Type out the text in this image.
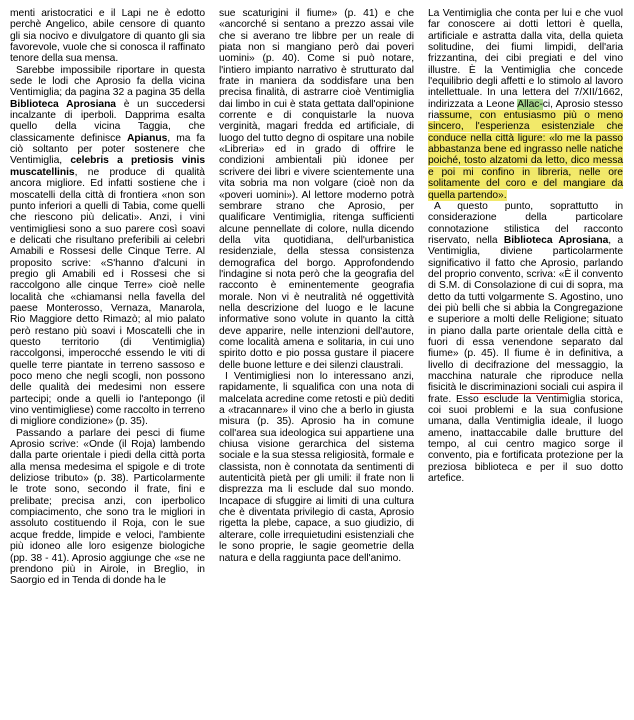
menti aristocratici e il Lapi ne è edotto perchè Angelico, abile censore di quanto gli sia nocivo e divulgatore di quanto gli sia favorevole, vuole che si conosca il raffinato tenore della sua mensa.

Sarebbe impossibile riportare in questa sede le lodi che Aprosio fa della vicina Ventimiglia; da pagina 32 a pagina 35 della Biblioteca Aprosiana è un succedersi incalzante di iperboli. Dapprima esalta quello della vicina Taggia, che classicamente definisce Apianus, ma fa ciò soltanto per poter sostenere che Ventimiglia, celebris a pretiosis vinis muscatellinis, ne produce di qualità ancora migliore. Ed infatti sostiene che i moscatelli della città di frontiera «non son punto inferiori a quelli di Tabia, come quelli che riescono più delicati». Anzi, i vini ventimigliesi sono a suo parere così soavi e delicati che risultano preferibili ai celebri Amabili e Rossesi delle Cinque Terre. Al proposito scrive: «S'hanno d'alcuni in pregio gli Amabili ed i Rossesi che si raccolgono alle cinque Terre» cioè nelle località che «chiamansi nella favella del paese Monterosso, Vernaza, Manarola, Rio Maggiore detto Rimazò; al mio palato però restano più soavi i Moscatelli che in questo territorio (di Ventimiglia) raccolgonsi, imperocché essendo le viti di quelle terre piantate in terreno sassoso e poco meno che negli scogli, non possono delle qualità dei medesimi non essere partecipi; onde a quelli io l'antepongo (il vino ventimigliese) come raccolto in terreno di migliore condizione» (p. 35).

Passando a parlare dei pesci di fiume Aprosio scrive: «Onde (il Roja) lambendo dalla parte orientale i piedi della città porta alla mensa medesima el spigole e di trote deliziose tributo» (p. 38). Particolarmente le trote sono, secondo il frate, fini e prelibate; precisa anzi, con iperbolico compiacimento, che sono tra le migliori in assoluto costituendo il Roja, con le sue acque fredde, limpide e veloci, l'ambiente più idoneo alle loro esigenze biologiche (pp. 38 - 41). Aprosio aggiunge che «se ne prendono più in Airole, in Breglio, in Saorgio ed in Tenda di donde ha le

sue scaturigini il fiume» (p. 41) e che «ancorché si sentano a prezzo assai vile che si averano tre libbre per un reale di piata non si mangiano però dai poveri uomini» (p. 40). Come si può notare, l'intiero impianto narrativo è strutturato dal frate in maniera da soddisfare una ben precisa finalità, di astrarre cioè Ventimiglia dai limbo in cui è stata gettata dall'opinione corrente e di conquistarle la nuova verginità, magari fredda ed artificiale, di luogo del tutto degno di ospitare una nobile «Libreria» ed in grado di offrire le condizioni ambientali più idonee per scrivere dei libri e vivere scientemente una vita sobria ma non volgare (cioè non da «poveri uomini»). Al lettore moderno potrà sembrare strano che Aprosio, per qualificare Ventimiglia, ritenga sufficienti alcune pennellate di colore, nulla dicendo della vita quotidiana, dell'urbanistica residenziale, della stessa consistenza demografica del borgo. Approfondendo l'indagine si nota però che la geografia del racconto è eminentemente geografia morale. Non vi è neutralità né oggettività nella descrizione del luogo e le lacune informative sono volute in quanto la città deve apparire, nelle intenzioni dell'autore, come località amena e solitaria, in cui uno spirito dotto e pio possa gustare il piacere delle buone letture e dei silenzi claustrali.

I Ventimigliesi non lo interessano anzi, rapidamente, li squalifica con una nota di malcelata acredine come retosti e più dediti a «tracannare» il vino che a berlo in giusta misura (p. 35). Aprosio ha in comune coll'area sua ideologica sui appartiene una chiusa visione gerarchica del sistema sociale e la sua stessa religiosità, formale e classista, non è connotata da sentimenti di autenticità pietà per gli umili: il frate non li disprezza ma li esclude dal suo mondo. Incapace di sfuggire ai limiti di una cultura che è diventata privilegio di casta, Aprosio rigetta la plebe, capace, a suo giudizio, di alterare, colle irrequietudini esistenziali che le sono proprie, le sagie geometrie della natura e della raggiunta pace dell'animo.

La Ventimiglia che conta per lui e che vuol far conoscere ai dotti lettori è quella, artificiale e astratta dalla vita, della quieta solitudine, dei fiumi limpidi, dell'aria frizzantina, dei cibi pregiati e del vino illustre. È la Ventimiglia che concede l'equilibrio degli affetti e lo stimolo al lavoro intellettuale. In una lettera del 7/XII/1662, indirizzata a Leone Allac-ci, Aprosio stesso riassume, con entusiasmo più o meno sincero, l'esperienza esistenziale che conduce nella città ligure: «lo me la passo abbastanza bene ed ingrasso nelle natiche poiché, tosto alzatomi da letto, dico messa e poi mi confino in libreria, nelle ore solitamente del coro e del mangiare da quella partendo».

A questo punto, soprattutto in considerazione della particolare connotazione stilistica del racconto riservato, nella Biblioteca Aprosiana, a Ventimiglia, diviene particolarmente significativo il fatto che Aprosio, parlando del proprio convento, scriva: «È il convento di S.M. di Consolazione di cui di sopra, ma detto da tutti volgarmente S. Agostino, uno dei più belli che si abbia la Congregazione e superiore a molti delle Religione; situato in piano dalla parte orientale della città e fuori di essa venendone separato dal fiume» (p. 45). Il fiume è in definitiva, a livello di decifrazione del messaggio, la macchina naturale che riproduce nella fisicità le discriminazioni sociali cui aspira il frate. Esso esclude la Ventimiglia storica, coi suoi problemi e la sua confusione umana, dalla Ventimiglia ideale, il luogo ameno, inattaccabile dalle brutture del tempo, al cui centro magico sorge il convento, pia e fortificata protezione per la preziosa biblioteca e per il suo dotto artefice.
